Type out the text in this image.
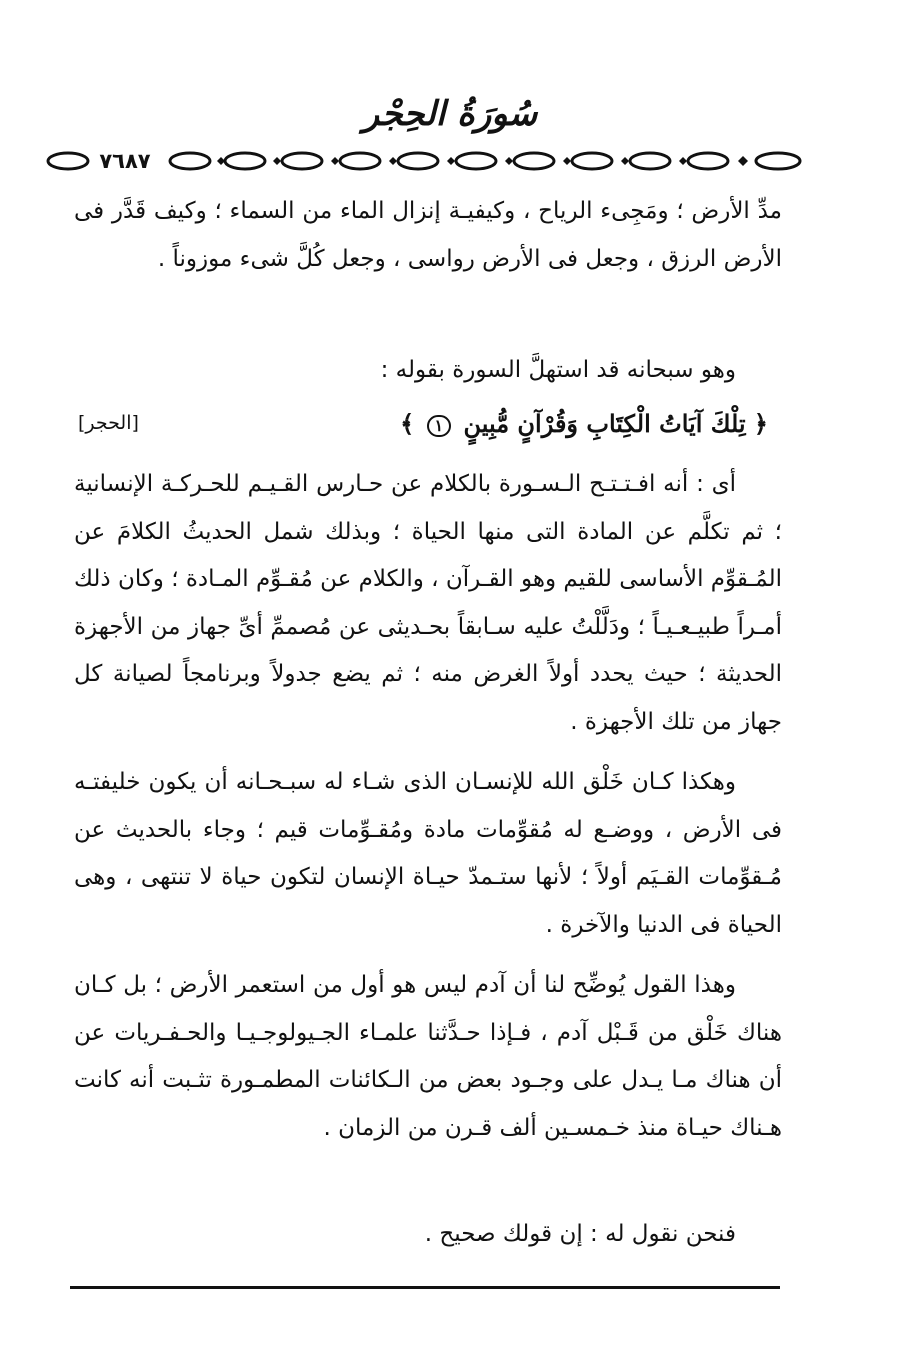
سُورَةُ الحِجْر
٧٦٨٧

مدِّ الأرض ؛ ومَجِىء الرياح ، وكيفيـة إنزال الماء من السماء ؛ وكيف قَدَّر فى الأرض الرزق ، وجعل فى الأرض رواسى ، وجعل كُلَّ شىء موزوناً .

وهو سبحانه قد استهلَّ السورة بقوله :

﴿ تِلْكَ آيَاتُ الْكِتَابِ وَقُرْآنٍ مُّبِينٍ ١ ﴾
[الحجر]

أى : أنه افـتـتـح الـسـورة بالكلام عن حـارس القـيـم للحـركـة الإنسانية ؛ ثم تكلَّم عن المادة التى منها الحياة ؛ وبذلك شمل الحديثُ الكلامَ عن المُـقوِّم الأساسى للقيم وهو القـرآن ، والكلام عن مُقـوِّم المـادة ؛ وكان ذلك أمـراً طبيـعـيـاً ؛ ودَلَّلْتُ عليه سـابقاً بحـديثى عن مُصممِّ أىِّ جهاز من الأجهزة الحديثة ؛ حيث يحدد أولاً الغرض منه ؛ ثم يضع جدولاً وبرنامجاً لصيانة كل جهاز من تلك الأجهزة .

وهكذا كـان خَلْق الله للإنسـان الذى شـاء له سبـحـانه أن يكون خليفتـه فى الأرض ، ووضـع له مُقوِّمات مادة ومُقـوِّمات قيم ؛ وجاء بالحديث عن مُـقوِّمات القـيَم أولاً ؛ لأنها ستـمدّ حيـاة الإنسان لتكون حياة لا تنتهى ، وهى الحياة فى الدنيا والآخرة .

وهذا القول يُوضِّح لنا أن آدم ليس هو أول من استعمر الأرض ؛ بل كـان هناك خَلْق من قَـبْل آدم ، فـإذا حـدَّثنا علمـاء الجـيولوجـيـا والحـفـريات عن أن هناك مـا يـدل على وجـود بعض من الـكائنات المطمـورة تثـبت أنه كانت هـناك حيـاة منذ خـمسـين ألف قـرن من الزمان .

فنحن نقول له : إن قولك صحيح .
